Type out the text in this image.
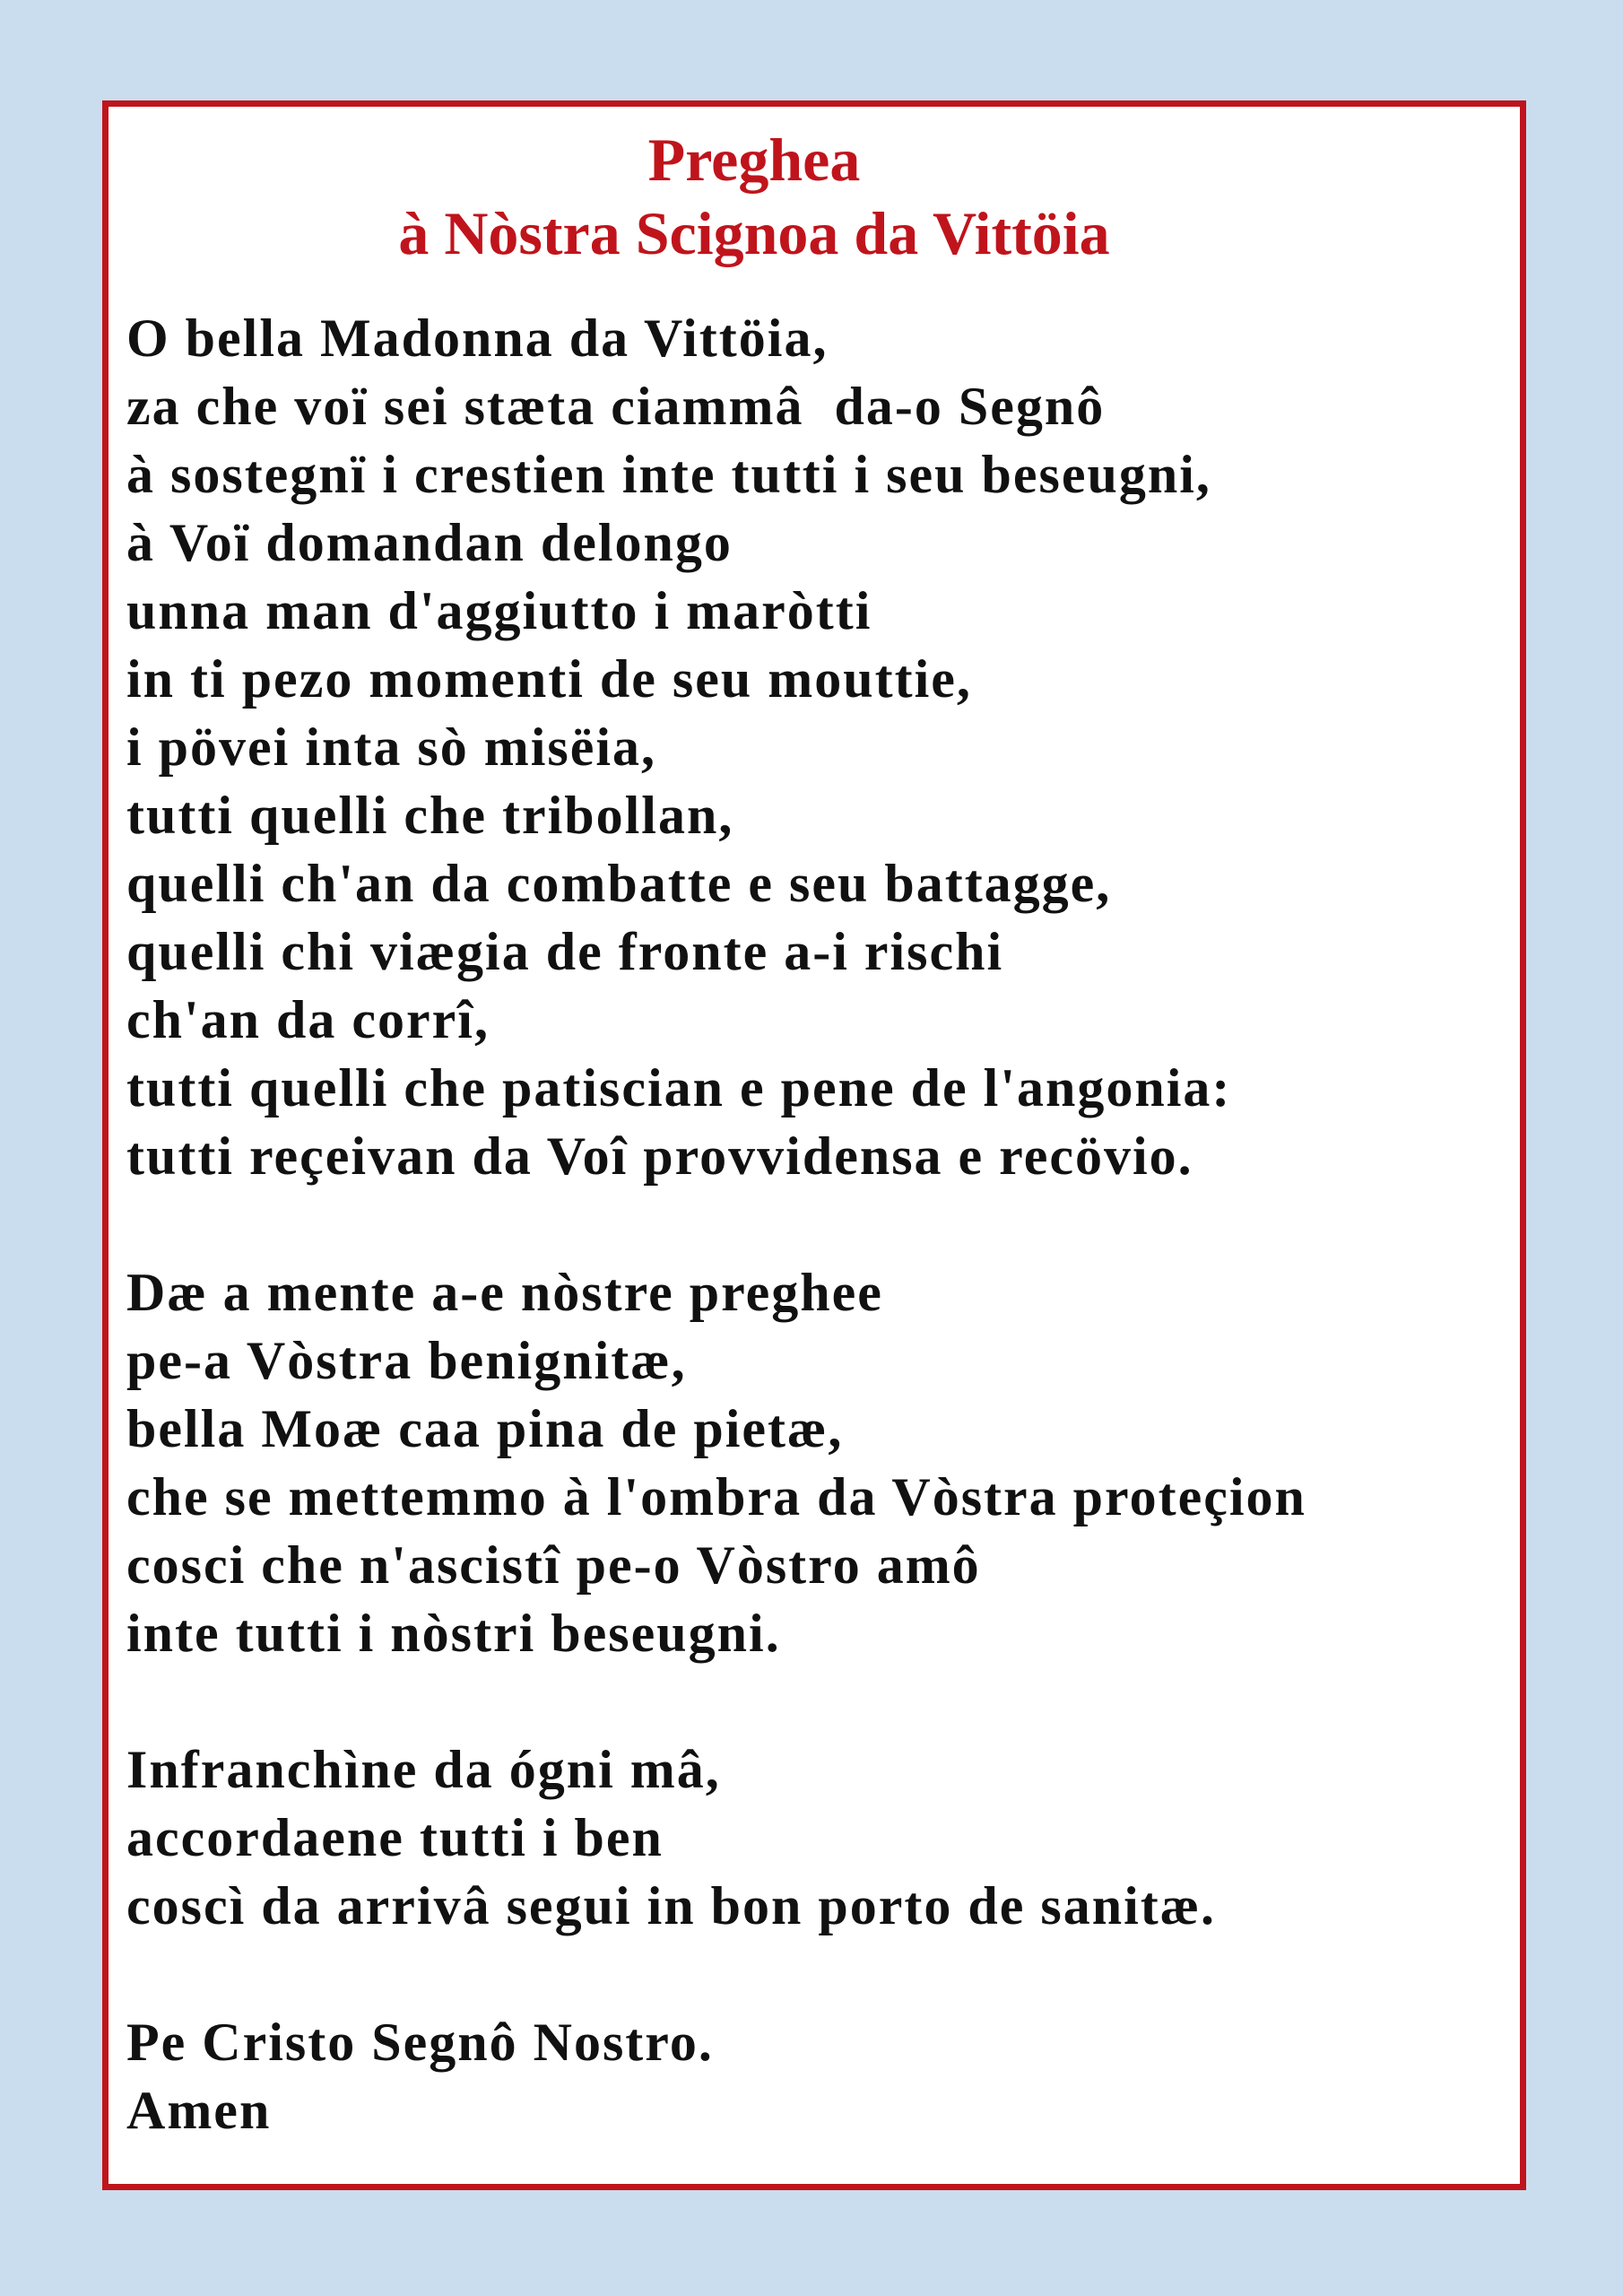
Preghea
à Nòstra Scignoa da Vittöia
O bella Madonna da Vittöia,
za che voï sei stæta ciammâ  da-o Segnô
à sostegnï i crestien inte tutti i seu beseugni,
à Voï domandan delongo
unna man d'aggiutto i maròtti
in ti pezo momenti de seu mouttie,
i pövei inta sò misëia,
tutti quelli che tribollan,
quelli ch'an da combatte e seu battagge,
quelli chi viægia de fronte a-i rischi
ch'an da corrî,
tutti quelli che patiscian e pene de l'angonia:
tutti reçeivan da Voî provvidensa e recövio.
Dæ a mente a-e nòstre preghee
pe-a Vòstra benignitæ,
bella Moæ caa pina de pietæ,
che se mettemmo à l'ombra da Vòstra proteçion
cosci che n'ascistî pe-o Vòstro amô
inte tutti i nòstri beseugni.
Infranchìne da ógni mâ,
accordaene tutti i ben
coscì da arrivâ segui in bon porto de sanitæ.
Pe Cristo Segnô Nostro.
Amen
